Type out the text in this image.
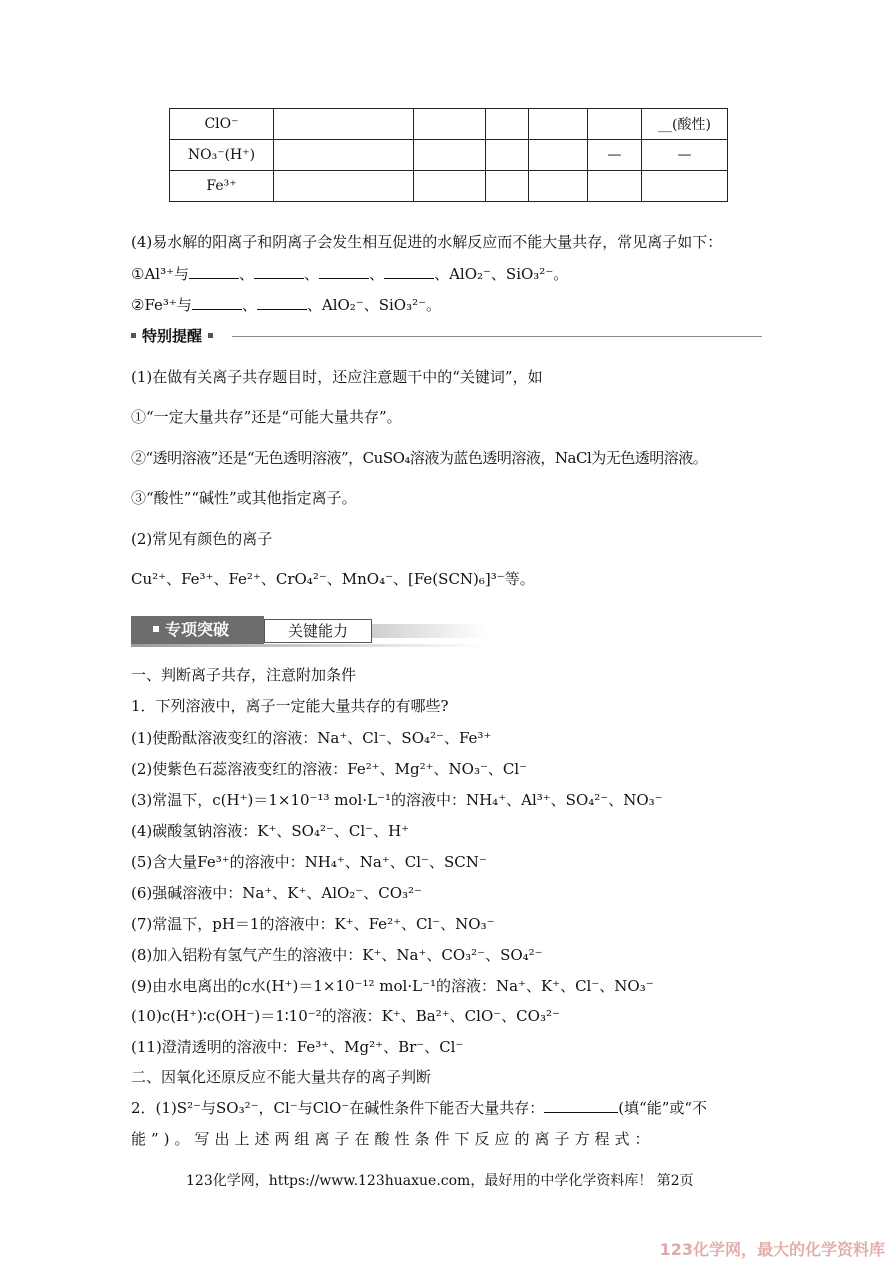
ClO⁻						__(酸性)
NO₃⁻(H⁺)					—	—
Fe³⁺						
(4)易水解的阳离子和阴离子会发生相互促进的水解反应而不能大量共存，常见离子如下：
①Al³⁺与	、	、	、	、AlO₂⁻、SiO₃²⁻。
②Fe³⁺与	、	、AlO₂⁻、SiO₃²⁻。
特别提醒
(1)在做有关离子共存题目时，还应注意题干中的“关键词”，如
①“一定大量共存”还是“可能大量共存”。
②“透明溶液”还是“无色透明溶液”，CuSO₄溶液为蓝色透明溶液，NaCl为无色透明溶液。
③“酸性”“碱性”或其他指定离子。
(2)常见有颜色的离子
Cu²⁺、Fe³⁺、Fe²⁺、CrO₄²⁻、MnO₄⁻、[Fe(SCN)₆]³⁻等。
专项突破	关键能力
一、判断离子共存，注意附加条件
1．下列溶液中，离子一定能大量共存的有哪些?
(1)使酚酞溶液变红的溶液：Na⁺、Cl⁻、SO₄²⁻、Fe³⁺
(2)使紫色石蕊溶液变红的溶液：Fe²⁺、Mg²⁺、NO₃⁻、Cl⁻
(3)常温下，c(H⁺)＝1×10⁻¹³ mol·L⁻¹的溶液中：NH₄⁺、Al³⁺、SO₄²⁻、NO₃⁻
(4)碳酸氢钠溶液：K⁺、SO₄²⁻、Cl⁻、H⁺
(5)含大量Fe³⁺的溶液中：NH₄⁺、Na⁺、Cl⁻、SCN⁻
(6)强碱溶液中：Na⁺、K⁺、AlO₂⁻、CO₃²⁻
(7)常温下，pH＝1的溶液中：K⁺、Fe²⁺、Cl⁻、NO₃⁻
(8)加入铝粉有氢气产生的溶液中：K⁺、Na⁺、CO₃²⁻、SO₄²⁻
(9)由水电离出的c水(H⁺)＝1×10⁻¹² mol·L⁻¹的溶液：Na⁺、K⁺、Cl⁻、NO₃⁻
(10)c(H⁺)∶c(OH⁻)＝1∶10⁻²的溶液：K⁺、Ba²⁺、ClO⁻、CO₃²⁻
(11)澄清透明的溶液中：Fe³⁺、Mg²⁺、Br⁻、Cl⁻
二、因氧化还原反应不能大量共存的离子判断
2．(1)S²⁻与SO₃²⁻，Cl⁻与ClO⁻在碱性条件下能否大量共存：	(填“能”或“不
能”)。写出上述两组离子在酸性条件下反应的离子方程式：
123化学网，https://www.123huaxue.com，最好用的中学化学资料库！ 第2页
123化学网，最大的化学资料库
